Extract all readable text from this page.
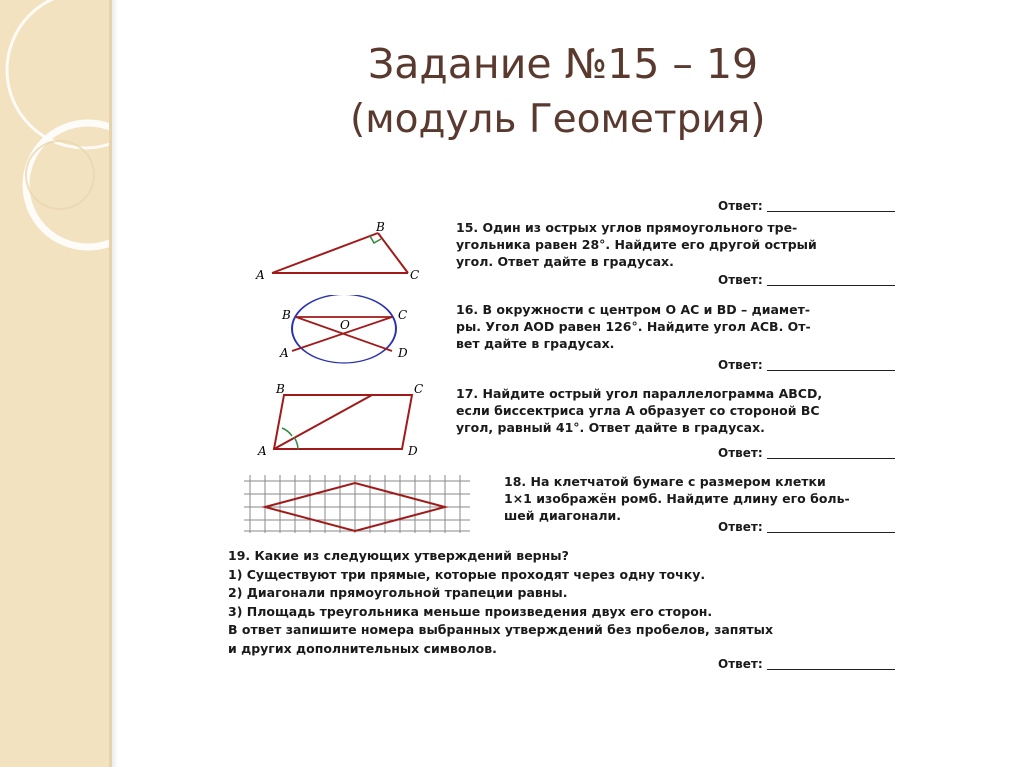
Задание №15 – 19
(модуль Геометрия)
Ответ:
A
B
C
15. Один из острых углов прямоугольного тре-
угольника равен 28°. Найдите его другой острый
угол. Ответ дайте в градусах.
Ответ:
B	C
O
A	D
16. В окружности с центром О АС и BD – диамет-
ры. Угол AOD равен 126°. Найдите угол АСВ. От-
вет дайте в градусах.
Ответ:
B	C
A	D
17. Найдите острый угол параллелограмма ABCD,
если биссектриса угла А образует со стороной ВС
угол, равный 41°. Ответ дайте в градусах.
Ответ:
18. На клетчатой бумаге с размером клетки
1×1 изображён ромб. Найдите длину его боль-
шей диагонали.
Ответ:

19. Какие из следующих утверждений верны?

1) Существуют три прямые, которые проходят через одну точку.

2) Диагонали прямоугольной трапеции равны.

3) Площадь треугольника меньше произведения двух его сторон.

В ответ запишите номера выбранных утверждений без пробелов, запятых

и других дополнительных символов.

Ответ:
